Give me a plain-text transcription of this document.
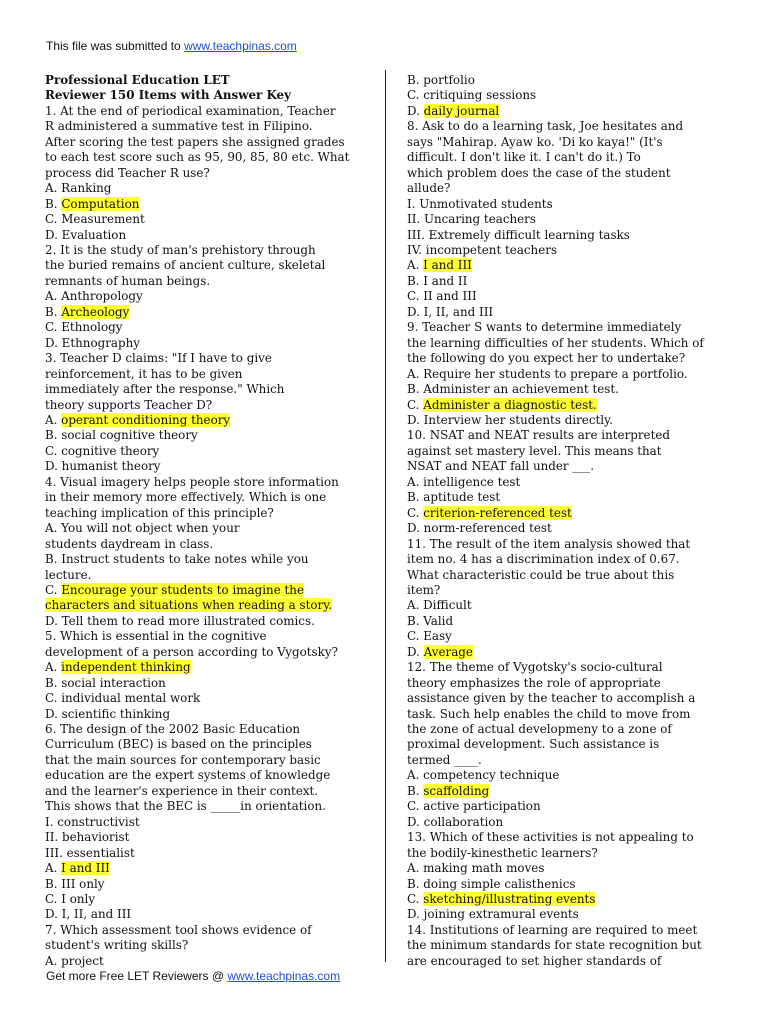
This file was submitted to www.teachpinas.com
Professional Education LET
Reviewer 150 Items with Answer Key
1. At the end of periodical examination, Teacher
R administered a summative test in Filipino.
After scoring the test papers she assigned grades
to each test score such as 95, 90, 85, 80 etc. What
process did Teacher R use?
A. Ranking
B. Computation
C. Measurement
D. Evaluation
2. It is the study of man's prehistory through
the buried remains of ancient culture, skeletal
remnants of human beings.
A. Anthropology
B. Archeology
C. Ethnology
D. Ethnography
3. Teacher D claims: "If I have to give
reinforcement, it has to be given
immediately after the response." Which
theory supports Teacher D?
A. operant conditioning theory
B. social cognitive theory
C. cognitive theory
D. humanist theory
4. Visual imagery helps people store information
in their memory more effectively. Which is one
teaching implication of this principle?
A. You will not object when your
students daydream in class.
B. Instruct students to take notes while you
lecture.
C. Encourage your students to imagine the
characters and situations when reading a story.
D. Tell them to read more illustrated comics.
5. Which is essential in the cognitive
development of a person according to Vygotsky?
A. independent thinking
B. social interaction
C. individual mental work
D. scientific thinking
6. The design of the 2002 Basic Education
Curriculum (BEC) is based on the principles
that the main sources for contemporary basic
education are the expert systems of knowledge
and the learner's experience in their context.
This shows that the BEC is _____in orientation.
I. constructivist
II. behaviorist
III. essentialist
A. I and III
B. III only
C. I only
D. I, II, and III
7. Which assessment tool shows evidence of
student's writing skills?
A. project
B. portfolio
C. critiquing sessions
D. daily journal
8. Ask to do a learning task, Joe hesitates and
says "Mahirap. Ayaw ko. 'Di ko kaya!" (It's
difficult. I don't like it. I can't do it.) To
which problem does the case of the student
allude?
I. Unmotivated students
II. Uncaring teachers
III. Extremely difficult learning tasks
IV. incompetent teachers
A. I and III
B. I and II
C. II and III
D. I, II, and III
9. Teacher S wants to determine immediately
the learning difficulties of her students. Which of
the following do you expect her to undertake?
A. Require her students to prepare a portfolio.
B. Administer an achievement test.
C. Administer a diagnostic test.
D. Interview her students directly.
10. NSAT and NEAT results are interpreted
against set mastery level. This means that
NSAT and NEAT fall under ___.
A. intelligence test
B. aptitude test
C. criterion-referenced test
D. norm-referenced test
11. The result of the item analysis showed that
item no. 4 has a discrimination index of 0.67.
What characteristic could be true about this
item?
A. Difficult
B. Valid
C. Easy
D. Average
12. The theme of Vygotsky's socio-cultural
theory emphasizes the role of appropriate
assistance given by the teacher to accomplish a
task. Such help enables the child to move from
the zone of actual developmeny to a zone of
proximal development. Such assistance is
termed ____.
A. competency technique
B. scaffolding
C. active participation
D. collaboration
13. Which of these activities is not appealing to
the bodily-kinesthetic learners?
A. making math moves
B. doing simple calisthenics
C. sketching/illustrating events
D. joining extramural events
14. Institutions of learning are required to meet
the minimum standards for state recognition but
are encouraged to set higher standards of
Get more Free LET Reviewers @ www.teachpinas.com
